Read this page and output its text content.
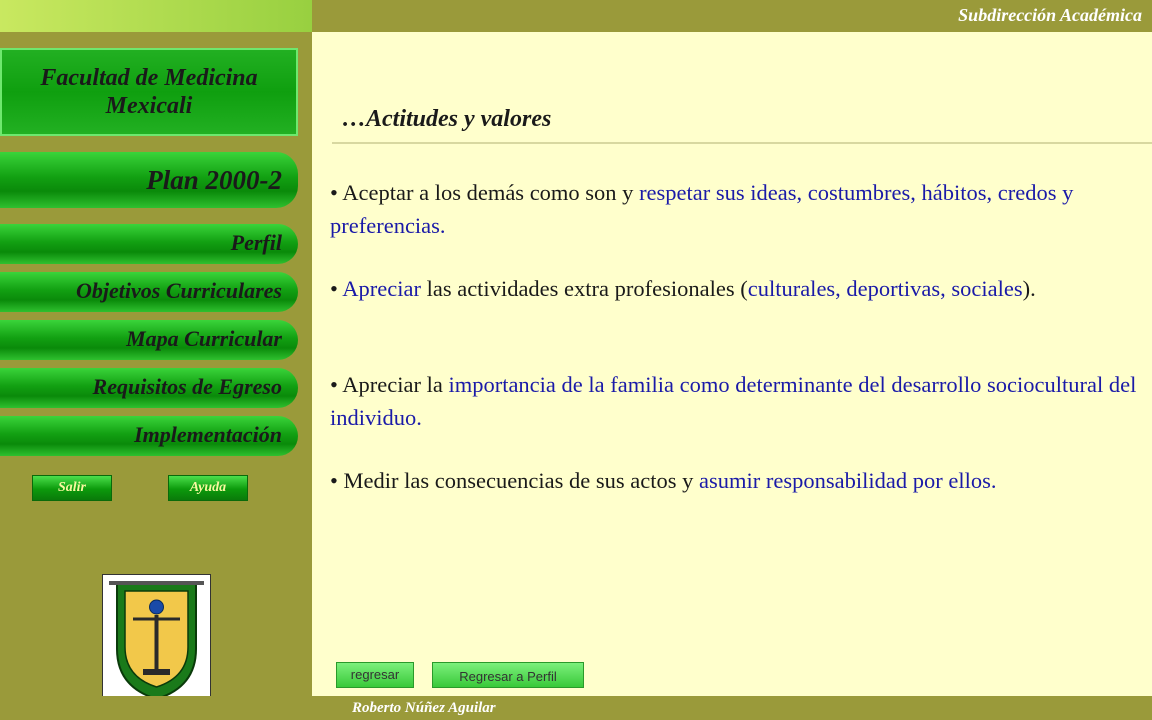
Subdirección Académica
Facultad de Medicina
Mexicali
Plan 2000-2
Perfil
Objetivos Curriculares
Mapa Curricular
Requisitos de Egreso
Implementación
Salir	Ayuda
…Actitudes y valores
• Aceptar a los demás como son y respetar sus ideas, costumbres, hábitos, credos y preferencias.
• Apreciar las actividades extra profesionales (culturales, deportivas, sociales).
• Apreciar la importancia de la familia como determinante del desarrollo sociocultural del individuo.
• Medir las consecuencias de sus actos y asumir responsabilidad por ellos.
regresar	Regresar a Perfil
Roberto Núñez Aguilar
